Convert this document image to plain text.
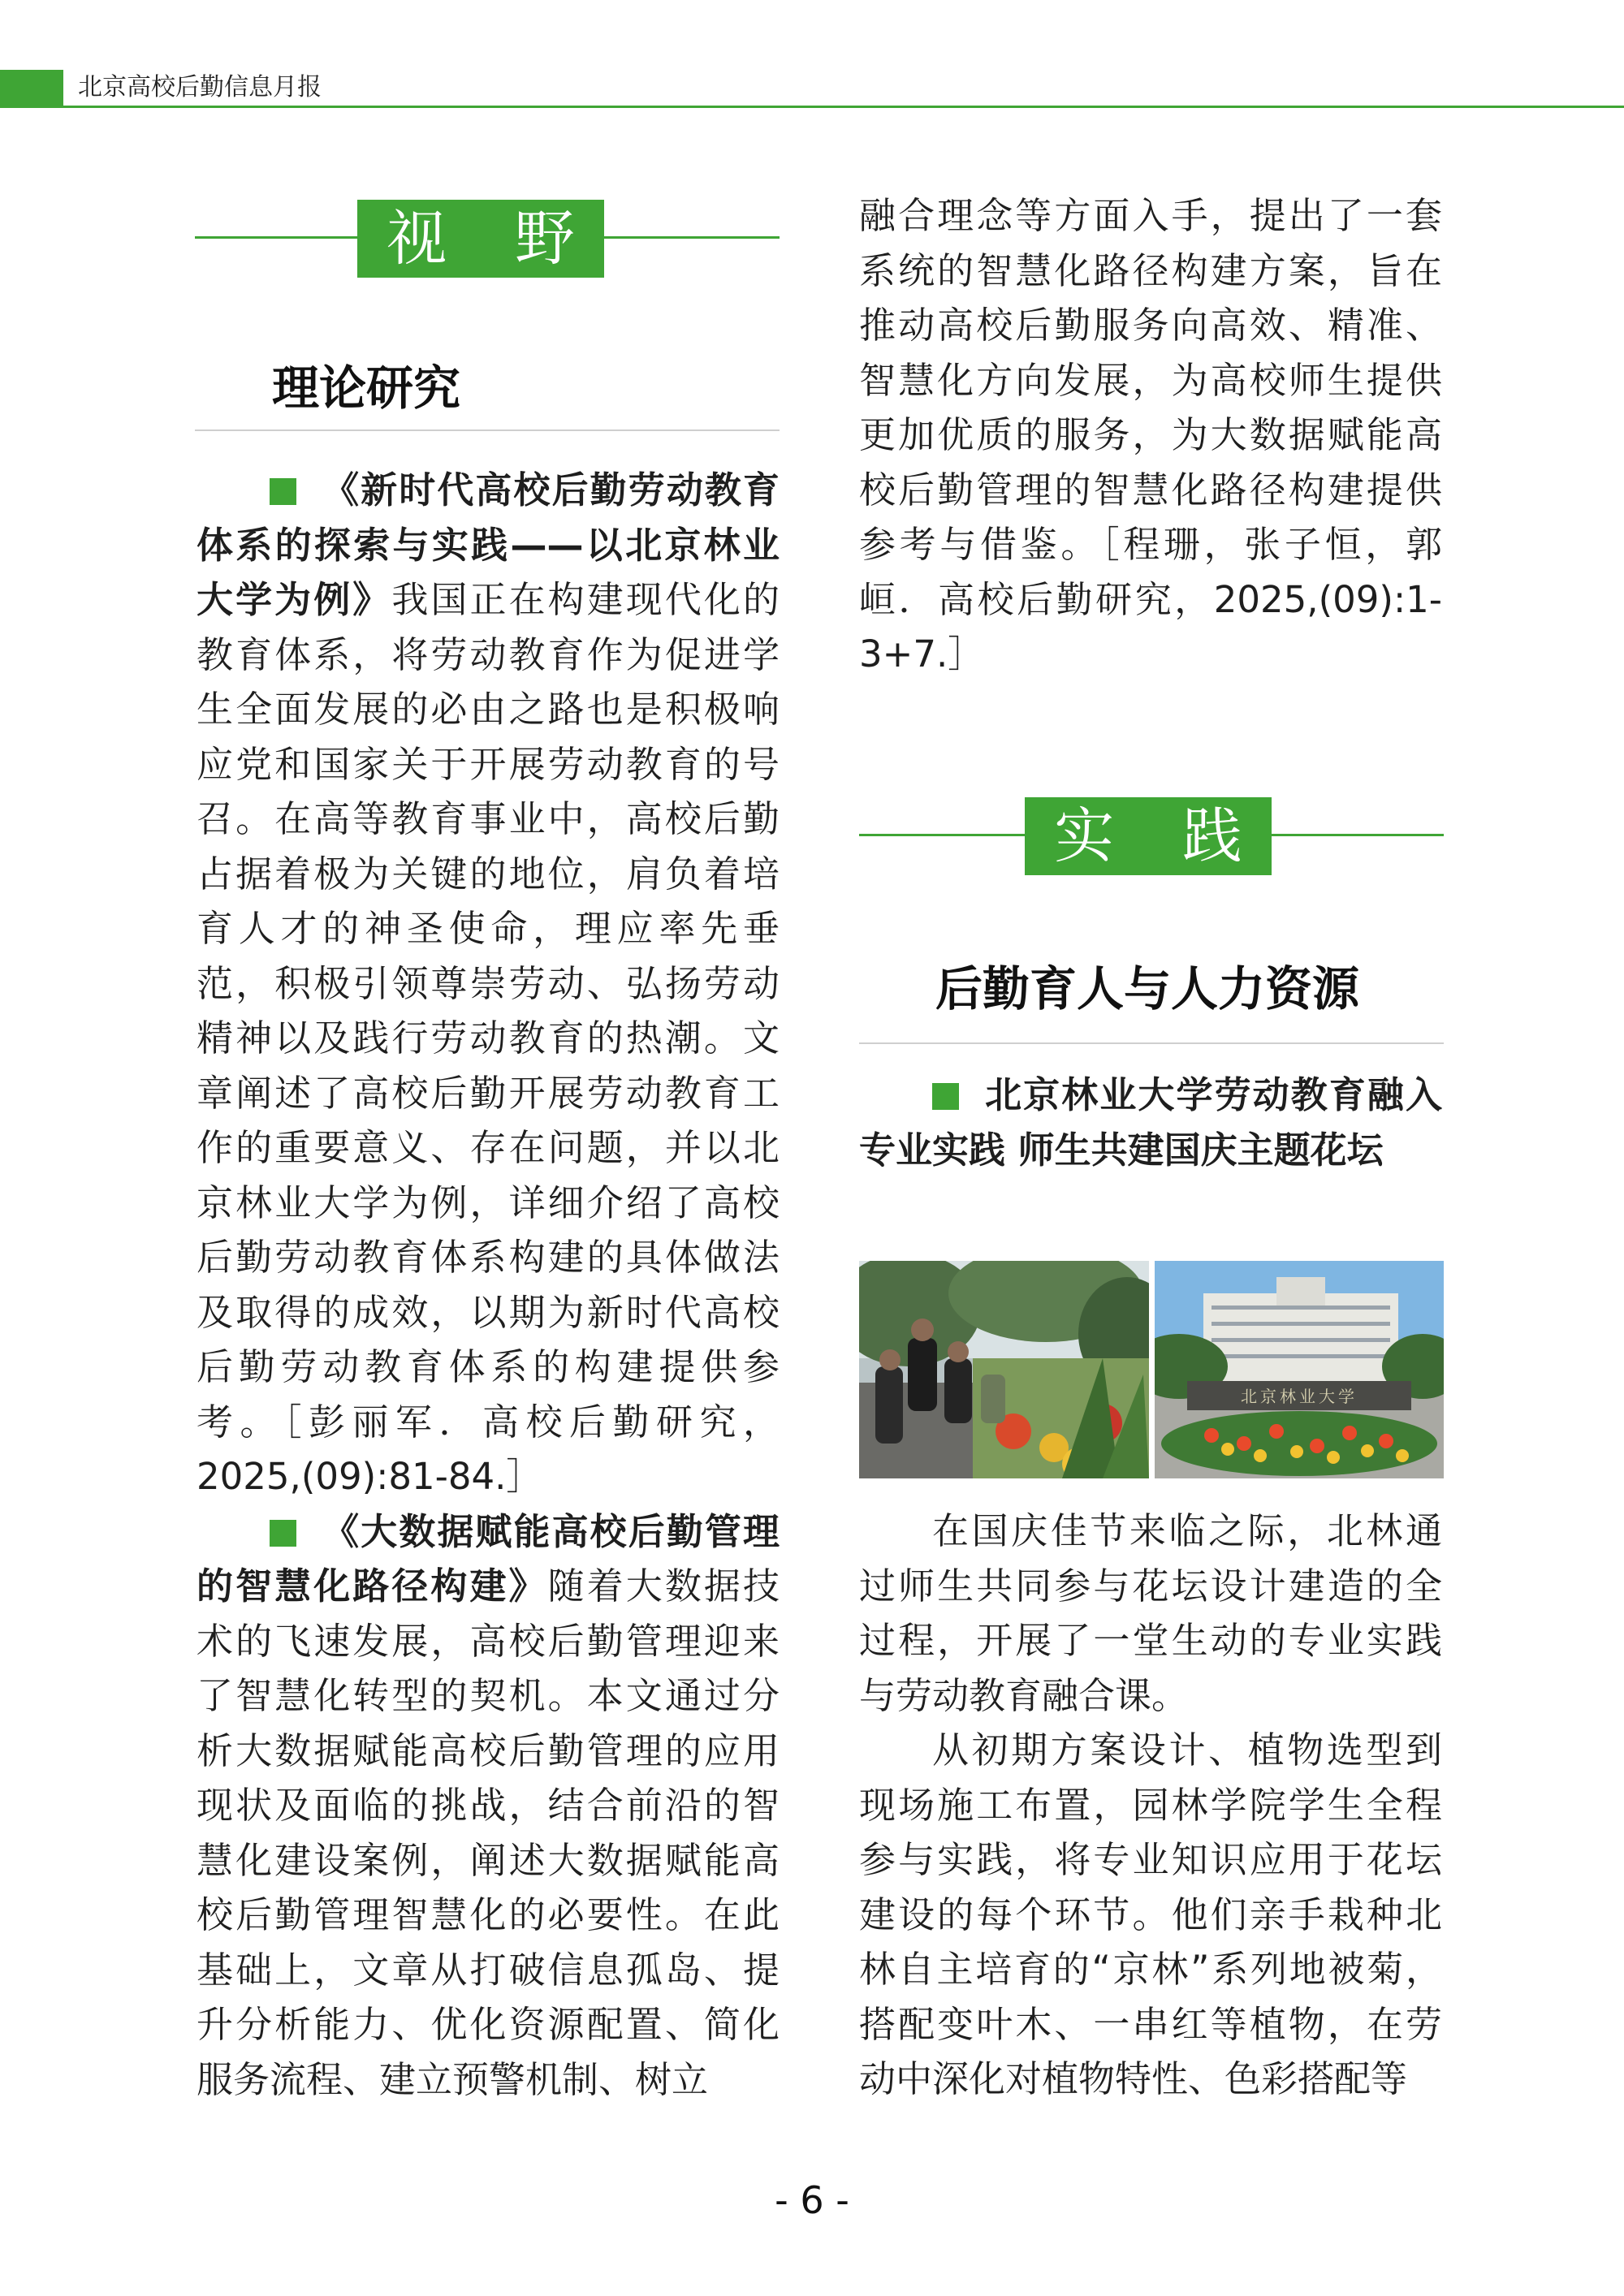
北京高校后勤信息月报
视 野
理论研究

《新时代高校后勤劳动教育体系的探索与实践——以北京林业大学为例》我国正在构建现代化的教育体系，将劳动教育作为促进学生全面发展的必由之路也是积极响应党和国家关于开展劳动教育的号召。在高等教育事业中，高校后勤占据着极为关键的地位，肩负着培育人才的神圣使命，理应率先垂范，积极引领尊崇劳动、弘扬劳动精神以及践行劳动教育的热潮。文章阐述了高校后勤开展劳动教育工作的重要意义、存在问题，并以北京林业大学为例，详细介绍了高校后勤劳动教育体系构建的具体做法及取得的成效，以期为新时代高校后勤劳动教育体系的构建提供参考。［彭丽军．高校后勤研究，2025,(09):81-84.］

《大数据赋能高校后勤管理的智慧化路径构建》随着大数据技术的飞速发展，高校后勤管理迎来了智慧化转型的契机。本文通过分析大数据赋能高校后勤管理的应用现状及面临的挑战，结合前沿的智慧化建设案例，阐述大数据赋能高校后勤管理智慧化的必要性。在此基础上，文章从打破信息孤岛、提升分析能力、优化资源配置、简化服务流程、建立预警机制、树立

融合理念等方面入手，提出了一套系统的智慧化路径构建方案，旨在推动高校后勤服务向高效、精准、智慧化方向发展，为高校师生提供更加优质的服务，为大数据赋能高校后勤管理的智慧化路径构建提供参考与借鉴。［程珊，张子恒，郭峘．高校后勤研究，2025,(09):1-3+7.］

实 践
后勤育人与人力资源

北京林业大学劳动教育融入专业实践 师生共建国庆主题花坛

北京林业大学

在国庆佳节来临之际，北林通过师生共同参与花坛设计建造的全过程，开展了一堂生动的专业实践与劳动教育融合课。

从初期方案设计、植物选型到现场施工布置，园林学院学生全程参与实践，将专业知识应用于花坛建设的每个环节。他们亲手栽种北林自主培育的“京林”系列地被菊，搭配变叶木、一串红等植物，在劳动中深化对植物特性、色彩搭配等

- 6 -
